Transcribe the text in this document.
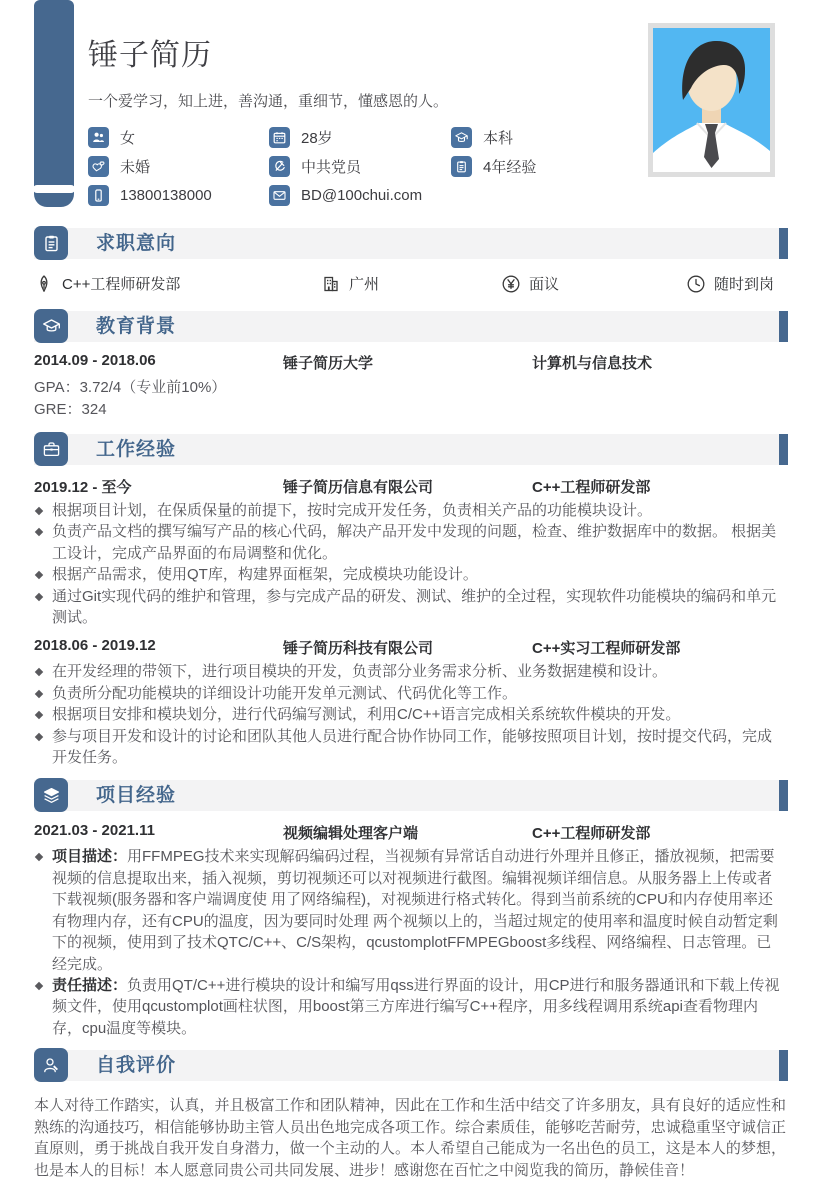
锤子简历

一个爱学习，知上进，善沟通，重细节，懂感恩的人。

女	28岁	本科
未婚	中共党员	4年经验
13800138000	BD@100chui.com
求职意向
C++工程师研发部	广州	面议	随时到岗
教育背景
2014.09 - 2018.06	锤子简历大学	计算机与信息技术
GPA：3.72/4（专业前10%）
GRE：324
工作经验
2019.12 - 至今	锤子简历信息有限公司	C++工程师研发部
根据项目计划，在保质保量的前提下，按时完成开发任务，负责相关产品的功能模块设计。
负责产品文档的撰写编写产品的核心代码，解决产品开发中发现的问题，检查、维护数据库中的数据。 根据美工设计，完成产品界面的布局调整和优化。
根据产品需求，使用QT库，构建界面框架，完成模块功能设计。
通过Git实现代码的维护和管理，参与完成产品的研发、测试、维护的全过程，实现软件功能模块的编码和单元测试。
2018.06 - 2019.12	锤子简历科技有限公司	C++实习工程师研发部
在开发经理的带领下，进行项目模块的开发，负责部分业务需求分析、业务数据建模和设计。
负责所分配功能模块的详细设计功能开发单元测试、代码优化等工作。
根据项目安排和模块划分，进行代码编写测试，利用C/C++语言完成相关系统软件模块的开发。
参与项目开发和设计的讨论和团队其他人员进行配合协作协同工作，能够按照项目计划，按时提交代码，完成开发任务。
项目经验
2021.03 - 2021.11	视频编辑处理客户端	C++工程师研发部
项目描述：用FFMPEG技术来实现解码编码过程，当视频有异常话自动进行外理并且修正，播放视频，把需要视频的信息提取出来，插入视频，剪切视频还可以对视频进行截图。编辑视频详细信息。从服务器上上传或者下载视频(服务器和客户端调度使 用了网络编程)，对视频进行格式转化。得到当前系统的CPU和内存使用率还有物理内存，还有CPU的温度，因为要同时处理 两个视频以上的，当超过规定的使用率和温度时候自动暂定剩下的视频，使用到了技术QTC/C++、C/S架构，qcustomplotFFMPEGboost多线程、网络编程、日志管理。已经完成。
责任描述：负责用QT/C++进行模块的设计和编写用qss进行界面的设计，用CP进行和服务器通讯和下载上传视频文件，使用qcustomplot画柱状图，用boost第三方库进行编写C++程序，用多线程调用系统api查看物理内存，cpu温度等模块。
自我评价

本人对待工作踏实，认真，并且极富工作和团队精神，因此在工作和生活中结交了许多朋友，具有良好的适应性和熟练的沟通技巧，相信能够协助主管人员出色地完成各项工作。综合素质佳，能够吃苦耐劳，忠诚稳重坚守诚信正直原则，勇于挑战自我开发自身潜力，做一个主动的人。本人希望自己能成为一名出色的员工，这是本人的梦想，也是本人的目标！本人愿意同贵公司共同发展、进步！感谢您在百忙之中阅览我的简历，静候佳音！
